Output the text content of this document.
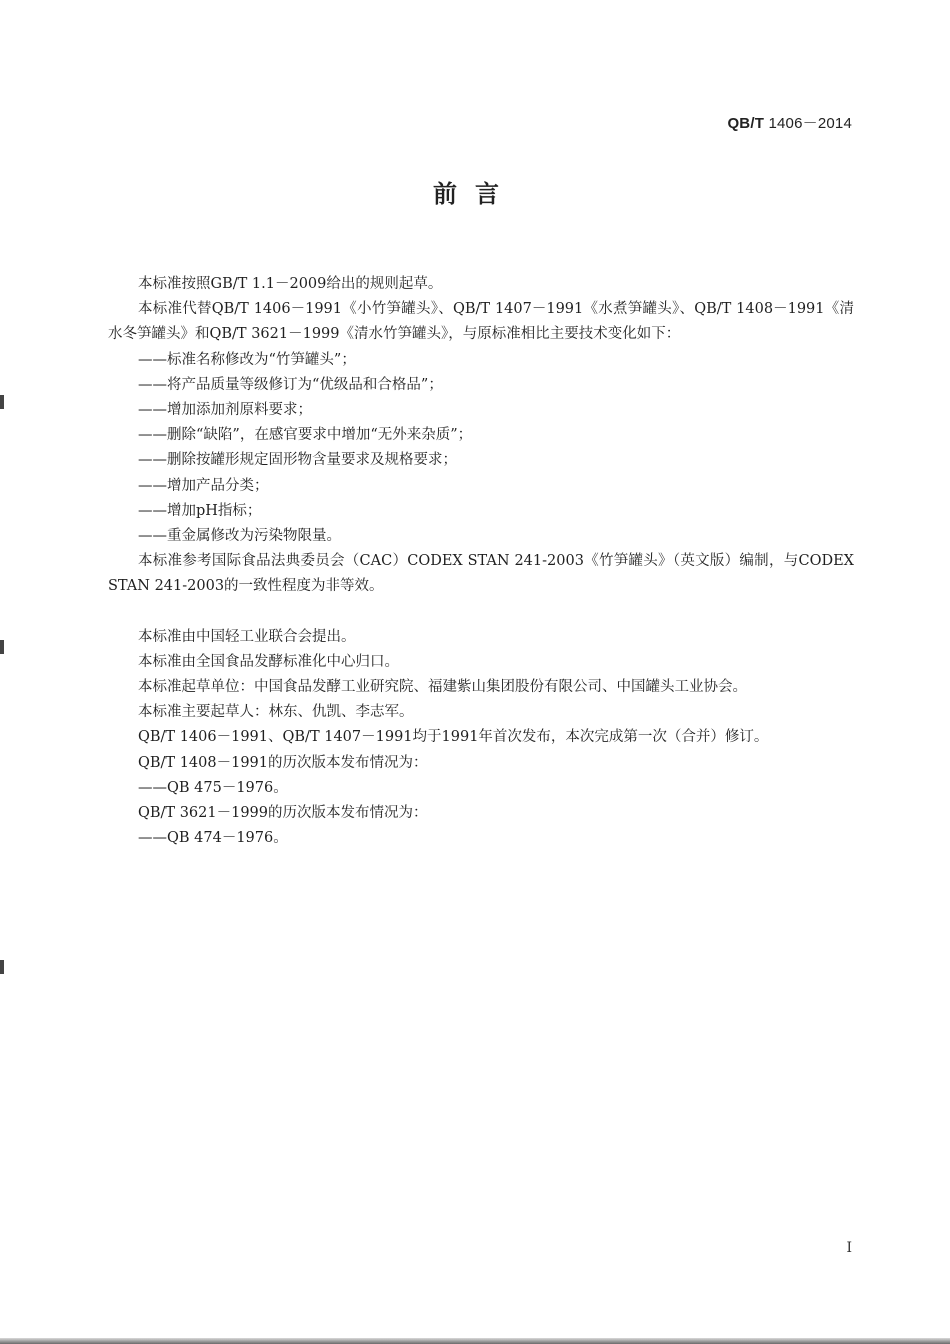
QB/T 1406－2014
前言

本标准按照GB/T 1.1－2009给出的规则起草。

本标准代替QB/T 1406－1991《小竹笋罐头》、QB/T 1407－1991《水煮笋罐头》、QB/T 1408－1991《清水冬笋罐头》和QB/T 3621－1999《清水竹笋罐头》，与原标准相比主要技术变化如下：

——标准名称修改为“竹笋罐头”；

——将产品质量等级修订为“优级品和合格品”；

——增加添加剂原料要求；

——删除“缺陷”，在感官要求中增加“无外来杂质”；

——删除按罐形规定固形物含量要求及规格要求；

——增加产品分类；

——增加pH指标；

——重金属修改为污染物限量。

本标准参考国际食品法典委员会（CAC）CODEX STAN 241-2003《竹笋罐头》（英文版）编制，与CODEX STAN 241-2003的一致性程度为非等效。

本标准由中国轻工业联合会提出。

本标准由全国食品发酵标准化中心归口。

本标准起草单位：中国食品发酵工业研究院、福建紫山集团股份有限公司、中国罐头工业协会。

本标准主要起草人：林东、仇凯、李志军。

QB/T 1406－1991、QB/T 1407－1991均于1991年首次发布，本次完成第一次（合并）修订。

QB/T 1408－1991的历次版本发布情况为：

——QB 475－1976。

QB/T 3621－1999的历次版本发布情况为：

——QB 474－1976。

I
